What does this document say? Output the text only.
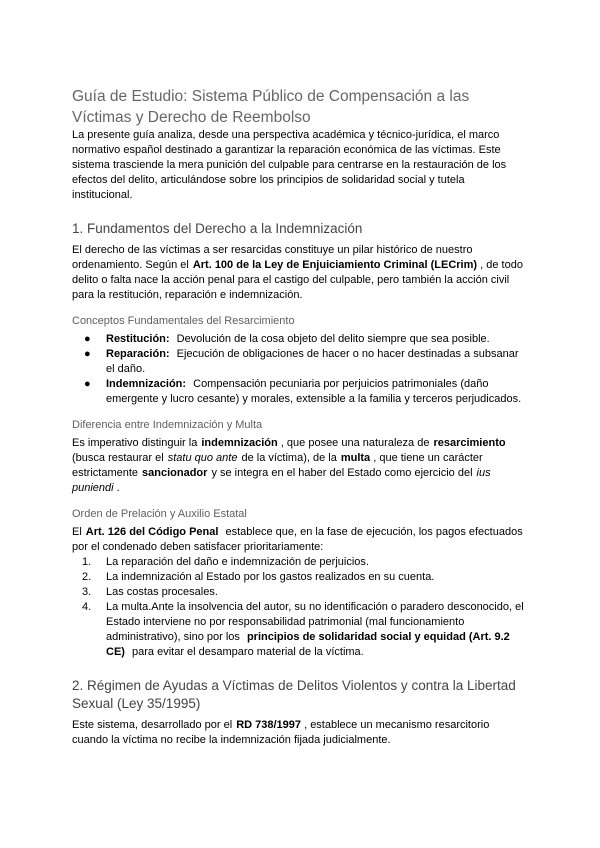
Guía de Estudio: Sistema Público de Compensación a las Víctimas y Derecho de Reembolso

La presente guía analiza, desde una perspectiva académica y técnico-jurídica, el marco normativo español destinado a garantizar la reparación económica de las víctimas. Este sistema trasciende la mera punición del culpable para centrarse en la restauración de los efectos del delito, articulándose sobre los principios de solidaridad social y tutela institucional.

1. Fundamentos del Derecho a la Indemnización

El derecho de las víctimas a ser resarcidas constituye un pilar histórico de nuestro ordenamiento. Según el Art. 100 de la Ley de Enjuiciamiento Criminal (LECrim) , de todo delito o falta nace la acción penal para el castigo del culpable, pero también la acción civil para la restitución, reparación e indemnización.

Conceptos Fundamentales del Resarcimiento
● Restitución: Devolución de la cosa objeto del delito siempre que sea posible.
● Reparación: Ejecución de obligaciones de hacer o no hacer destinadas a subsanar el daño.
● Indemnización: Compensación pecuniaria por perjuicios patrimoniales (daño emergente y lucro cesante) y morales, extensible a la familia y terceros perjudicados.
Diferencia entre Indemnización y Multa

Es imperativo distinguir la indemnización , que posee una naturaleza de resarcimiento (busca restaurar el statu quo ante de la víctima), de la multa , que tiene un carácter estrictamente sancionador y se integra en el haber del Estado como ejercicio del ius puniendi .

Orden de Prelación y Auxilio Estatal

El Art. 126 del Código Penal establece que, en la fase de ejecución, los pagos efectuados por el condenado deben satisfacer prioritariamente:

1. La reparación del daño e indemnización de perjuicios.
2. La indemnización al Estado por los gastos realizados en su cuenta.
3. Las costas procesales.
4. La multa.Ante la insolvencia del autor, su no identificación o paradero desconocido, el Estado interviene no por responsabilidad patrimonial (mal funcionamiento administrativo), sino por los principios de solidaridad social y equidad (Art. 9.2 CE) para evitar el desamparo material de la víctima.
2. Régimen de Ayudas a Víctimas de Delitos Violentos y contra la Libertad Sexual (Ley 35/1995)

Este sistema, desarrollado por el RD 738/1997 , establece un mecanismo resarcitorio cuando la víctima no recibe la indemnización fijada judicialmente.
